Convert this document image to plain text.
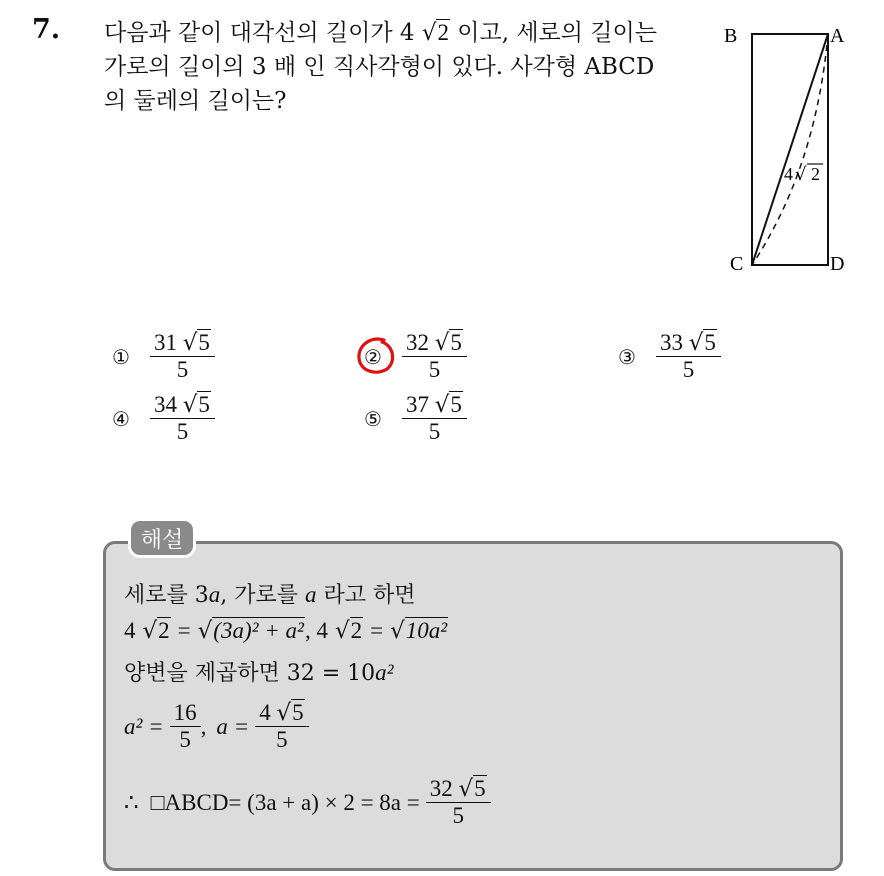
7. 다음과 같이 대각선의 길이가 4 √2 이고, 세로의 길이는
가로의 길이의 3 배 인 직사각형이 있다. 사각형 ABCD
의 둘레의 길이는?
B	A
C	D
4 √ 2
① $\frac{31 √5}{5}$	② $\frac{32 √5}{5}$	③ $\frac{33 √5}{5}$
④ $\frac{34 √5}{5}$	⑤ $\frac{37 √5}{5}$
해설
세로를 3a, 가로를 a 라고 하면
4 √2 = √(3a)² + a², 4 √2 = √10a²
양변을 제곱하면 32 = 10a²
$a^2 = \frac{16}{5}$ , $a = \frac{4 √5}{5}$
∴ □ABCD= $(3a + a) \times 2 = 8a = \frac{32 √5}{5}$
